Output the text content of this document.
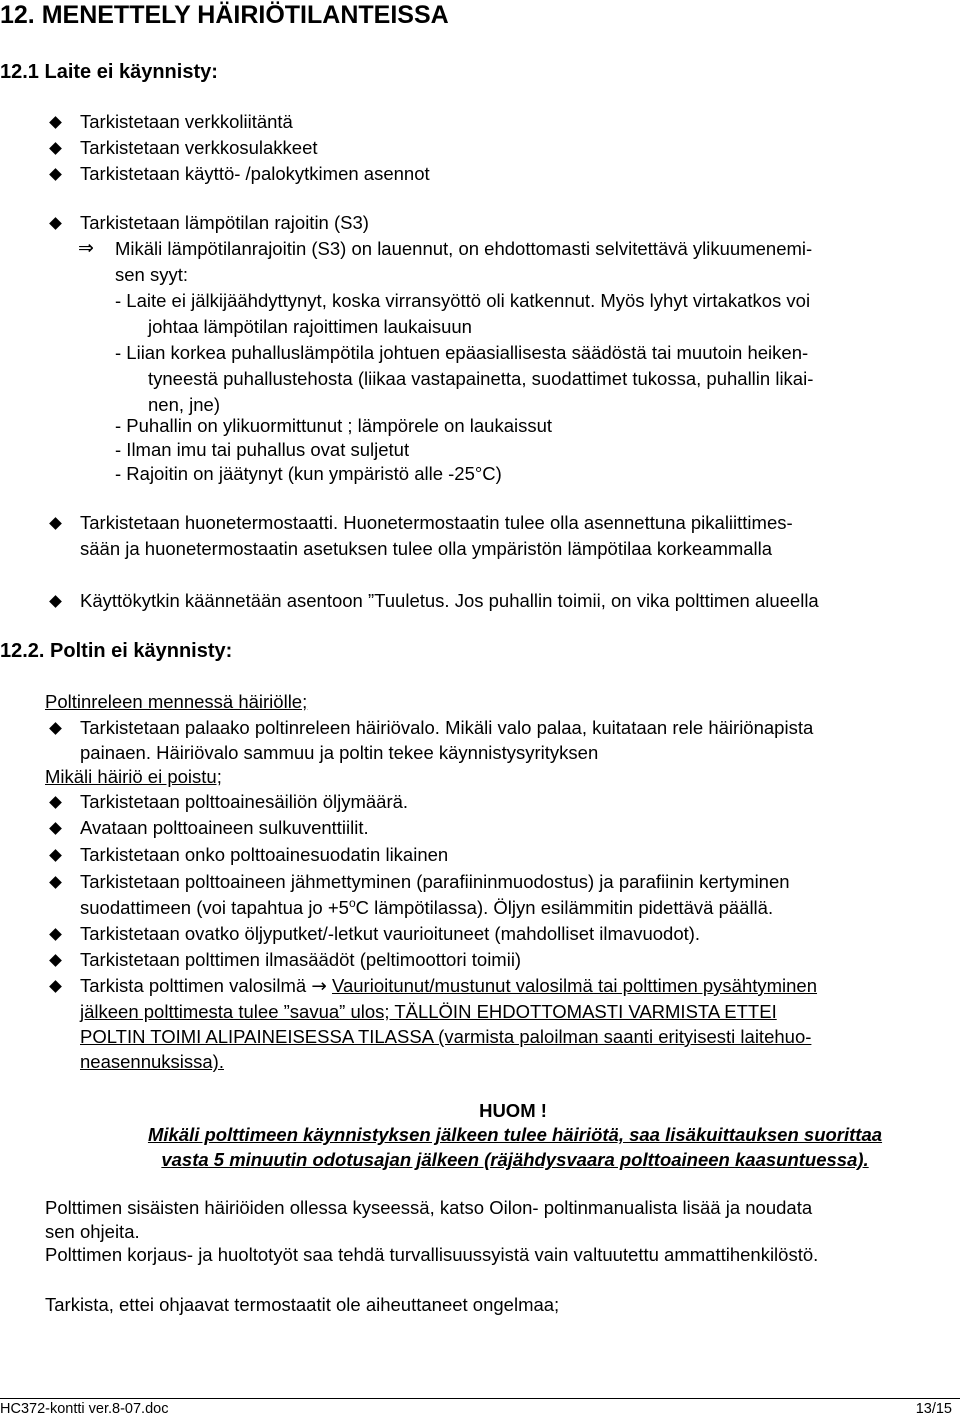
12. MENETTELY HÄIRIÖTILANTEISSA
12.1 Laite ei käynnisty:
Tarkistetaan verkkoliitäntä
Tarkistetaan verkkosulakkeet
Tarkistetaan käyttö- /palokytkimen asennot
Tarkistetaan lämpötilan rajoitin (S3)
⇒ Mikäli lämpötilanrajoitin (S3) on lauennut, on ehdottomasti selvitettävä ylikuumenemi-
sen syyt:
- Laite ei jälkijäähdyttynyt, koska virransyöttö oli katkennut. Myös lyhyt virtakatkos voi
johtaa lämpötilan rajoittimen laukaisuun
- Liian korkea puhalluslämpötila johtuen epäasiallisesta säädöstä tai muutoin heiken-
tyneestä puhallustehosta (liikaa vastapainetta, suodattimet tukossa, puhallin likai-
nen, jne)
- Puhallin on ylikuormittunut ; lämpörele on laukaissut
- Ilman imu tai puhallus ovat suljetut
- Rajoitin on jäätynyt (kun ympäristö alle -25°C)
Tarkistetaan huonetermostaatti. Huonetermostaatin tulee olla asennettuna pikaliittimes-
sään ja huonetermostaatin asetuksen tulee olla ympäristön lämpötilaa korkeammalla
Käyttökytkin käännetään asentoon ”Tuuletus. Jos puhallin toimii, on vika polttimen alueella
12.2. Poltin ei käynnisty:
Poltinreleen mennessä häiriölle;
Tarkistetaan palaako poltinreleen häiriövalo. Mikäli valo palaa, kuitataan rele häiriönapista
painaen. Häiriövalo sammuu ja poltin tekee käynnistysyrityksen
Mikäli häiriö ei poistu;
Tarkistetaan polttoainesäiliön öljymäärä.
Avataan polttoaineen sulkuventtiilit.
Tarkistetaan onko polttoainesuodatin likainen
Tarkistetaan polttoaineen jähmettyminen (parafiininmuodostus) ja parafiinin kertyminen
suodattimeen (voi tapahtua jo $+5^oC$ lämpötilassa). Öljyn esilämmitin pidettävä päällä.
Tarkistetaan ovatko öljyputket/-letkut vaurioituneet (mahdolliset ilmavuodot).
Tarkistetaan polttimen ilmasäädöt (peltimoottori toimii)
Tarkista polttimen valosilmä → Vaurioitunut/mustunut valosilmä tai polttimen pysähtyminen
jälkeen polttimesta tulee ”savua” ulos; TÄLLÖIN EHDOTTOMASTI VARMISTA ETTEI
POLTIN TOIMI ALIPAINEISESSA TILASSA (varmista paloilman saanti erityisesti laitehuo-
neasennuksissa).
HUOM !
Mikäli polttimeen käynnistyksen jälkeen tulee häiriötä, saa lisäkuittauksen suorittaa
vasta 5 minuutin odotusajan jälkeen (räjähdysvaara polttoaineen kaasuntuessa).
Polttimen sisäisten häiriöiden ollessa kyseessä, katso Oilon- poltinmanualista lisää ja noudata
sen ohjeita.
Polttimen korjaus- ja huoltotyöt saa tehdä turvallisuussyistä vain valtuutettu ammattihenkilöstö.
Tarkista, ettei ohjaavat termostaatit ole aiheuttaneet ongelmaa;
HC372-kontti ver.8-07.doc	13/15
